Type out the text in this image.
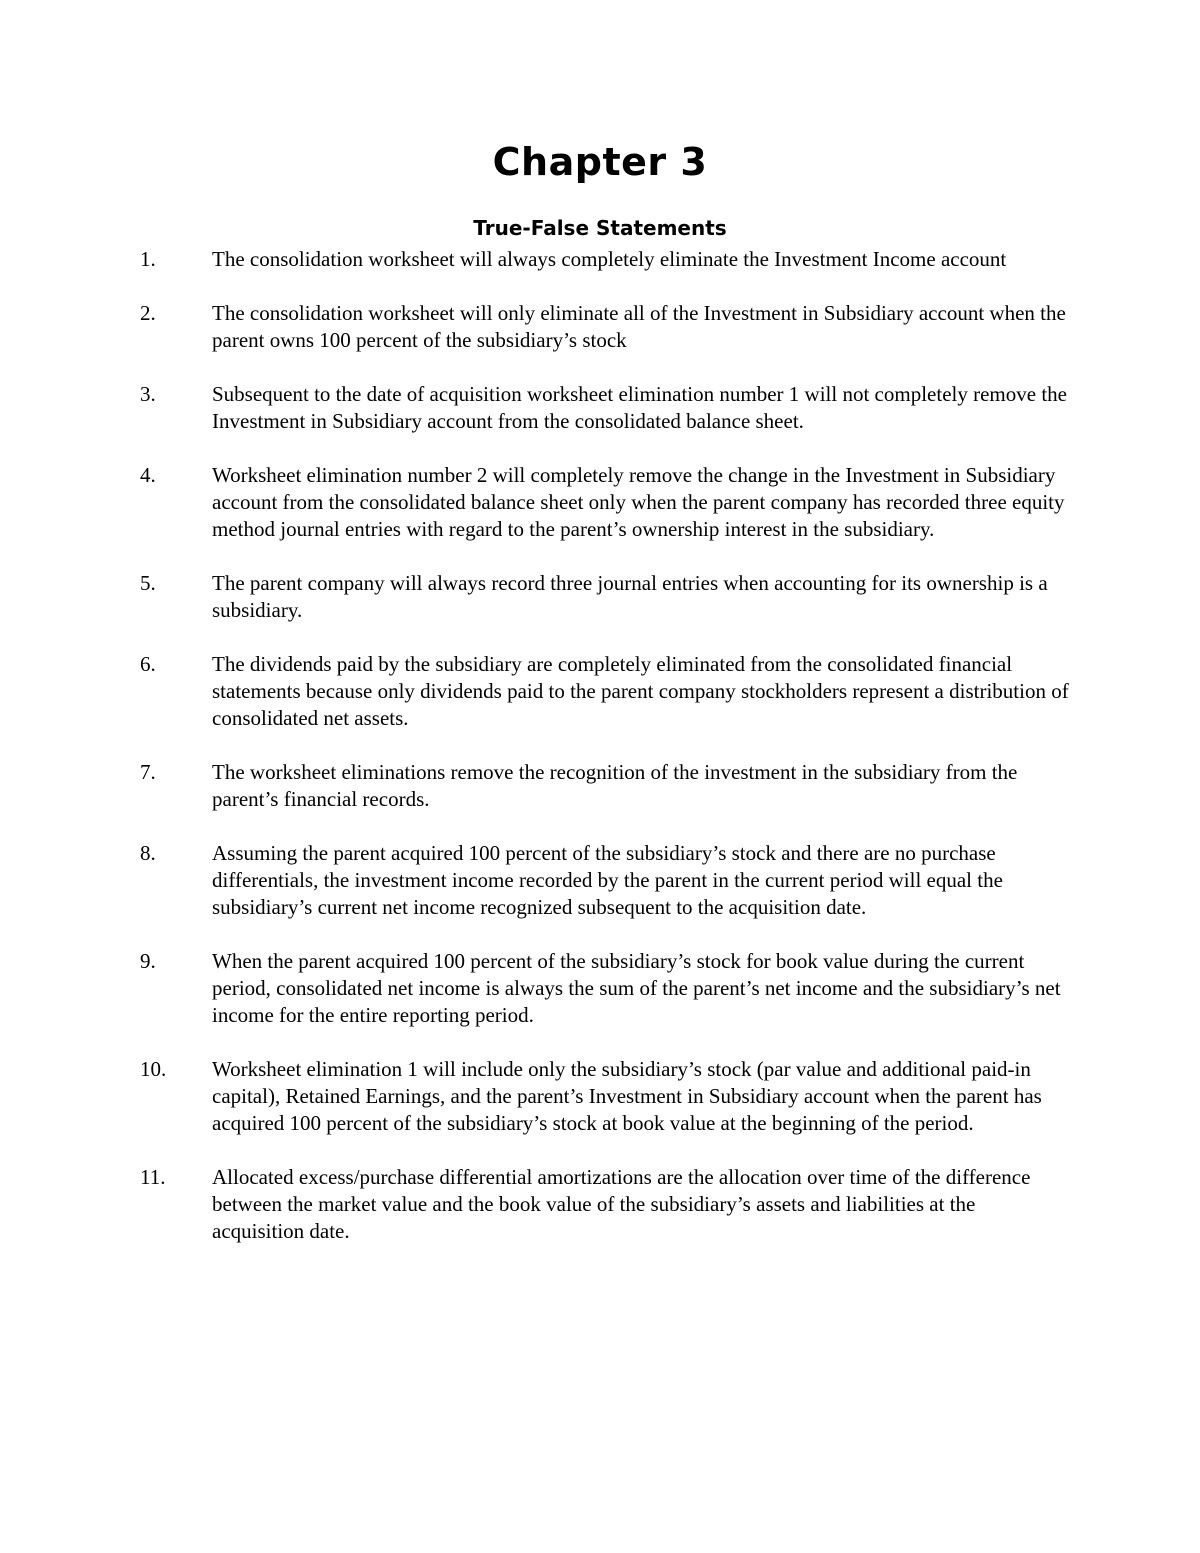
Chapter 3
True-False Statements
1.	The consolidation worksheet will always completely eliminate the Investment Income account
2.	The consolidation worksheet will only eliminate all of the Investment in Subsidiary account when the parent owns 100 percent of the subsidiary’s stock
3.	Subsequent to the date of acquisition worksheet elimination number 1 will not completely remove the Investment in Subsidiary account from the consolidated balance sheet.
4.	Worksheet elimination number 2 will completely remove the change in the Investment in Subsidiary account from the consolidated balance sheet only when the parent company has recorded three equity method journal entries with regard to the parent’s ownership interest in the subsidiary.
5.	The parent company will always record three journal entries when accounting for its ownership is a subsidiary.
6.	The dividends paid by the subsidiary are completely eliminated from the consolidated financial statements because only dividends paid to the parent company stockholders represent a distribution of consolidated net assets.
7.	The worksheet eliminations remove the recognition of the investment in the subsidiary from the parent’s financial records.
8.	Assuming the parent acquired 100 percent of the subsidiary’s stock and there are no purchase differentials, the investment income recorded by the parent in the current period will equal the subsidiary’s current net income recognized subsequent to the acquisition date.
9.	When the parent acquired 100 percent of the subsidiary’s stock for book value during the current period, consolidated net income is always the sum of the parent’s net income and the subsidiary’s net income for the entire reporting period.
10.	Worksheet elimination 1 will include only the subsidiary’s stock (par value and additional paid-in capital), Retained Earnings, and the parent’s Investment in Subsidiary account when the parent has acquired 100 percent of the subsidiary’s stock at book value at the beginning of the period.
11.	Allocated excess/purchase differential amortizations are the allocation over time of the difference between the market value and the book value of the subsidiary’s assets and liabilities at the acquisition date.
